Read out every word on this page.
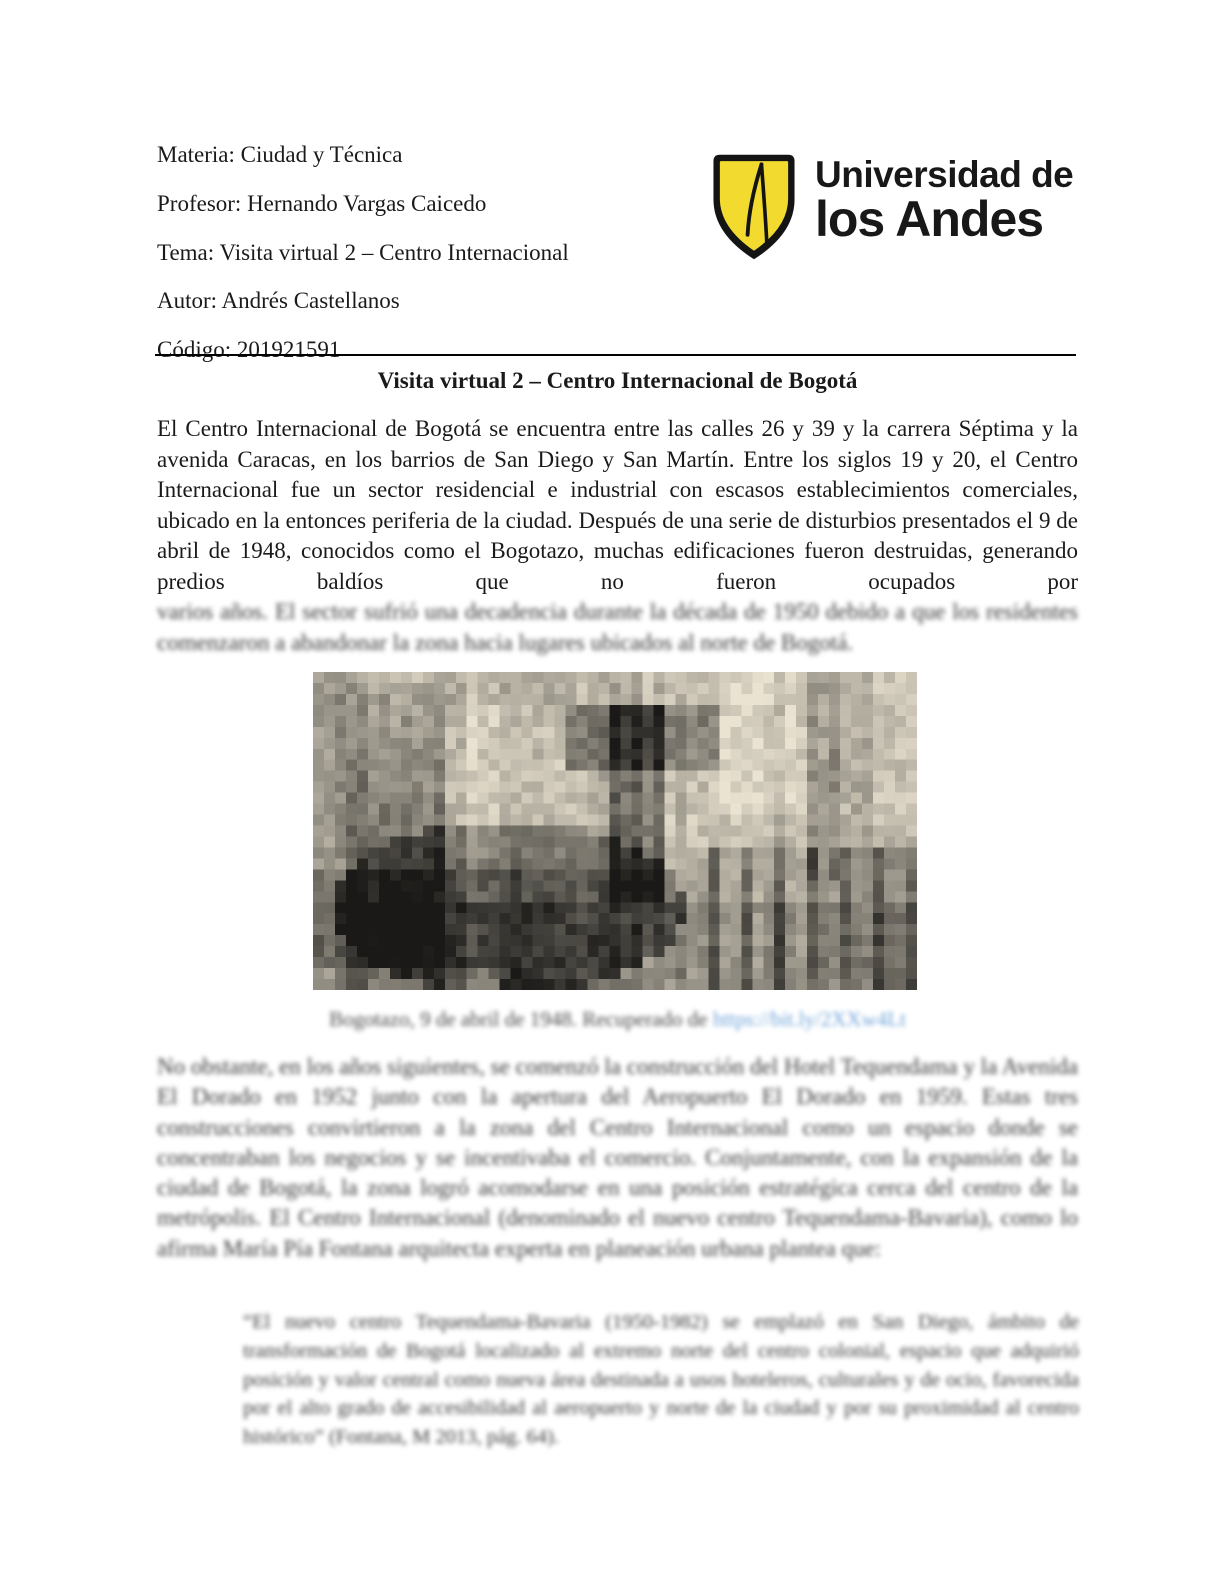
Materia: Ciudad y Técnica
Profesor: Hernando Vargas Caicedo
Tema: Visita virtual 2 – Centro Internacional
Autor: Andrés Castellanos
Código: 201921591
Universidad de
los Andes
Visita virtual 2 – Centro Internacional de Bogotá

El Centro Internacional de Bogotá se encuentra entre las calles 26 y 39 y la carrera Séptima y la avenida Caracas, en los barrios de San Diego y San Martín. Entre los siglos 19 y 20, el Centro Internacional fue un sector residencial e industrial con escasos establecimientos comerciales, ubicado en la entonces periferia de la ciudad. Después de una serie de disturbios presentados el 9 de abril de 1948, conocidos como el Bogotazo, muchas edificaciones fueron destruidas, generando predios baldíos que no fueron ocupados por

varios años. El sector sufrió una decadencia durante la década de 1950 debido a que los residentes comenzaron a abandonar la zona hacia lugares ubicados al norte de Bogotá.

Bogotazo, 9 de abril de 1948. Recuperado de https://bit.ly/2XXw4Lt

No obstante, en los años siguientes, se comenzó la construcción del Hotel Tequendama y la Avenida El Dorado en 1952 junto con la apertura del Aeropuerto El Dorado en 1959. Estas tres construcciones convirtieron a la zona del Centro Internacional como un espacio donde se concentraban los negocios y se incentivaba el comercio. Conjuntamente, con la expansión de la ciudad de Bogotá, la zona logró acomodarse en una posición estratégica cerca del centro de la metrópolis. El Centro Internacional (denominado el nuevo centro Tequendama-Bavaria), como lo afirma María Pía Fontana arquitecta experta en planeación urbana plantea que:

“El nuevo centro Tequendama-Bavaria (1950-1982) se emplazó en San Diego, ámbito de transformación de Bogotá localizado al extremo norte del centro colonial, espacio que adquirió posición y valor central como nueva área destinada a usos hoteleros, culturales y de ocio, favorecida por el alto grado de accesibilidad al aeropuerto y norte de la ciudad y por su proximidad al centro histórico” (Fontana, M 2013, pág. 64).
